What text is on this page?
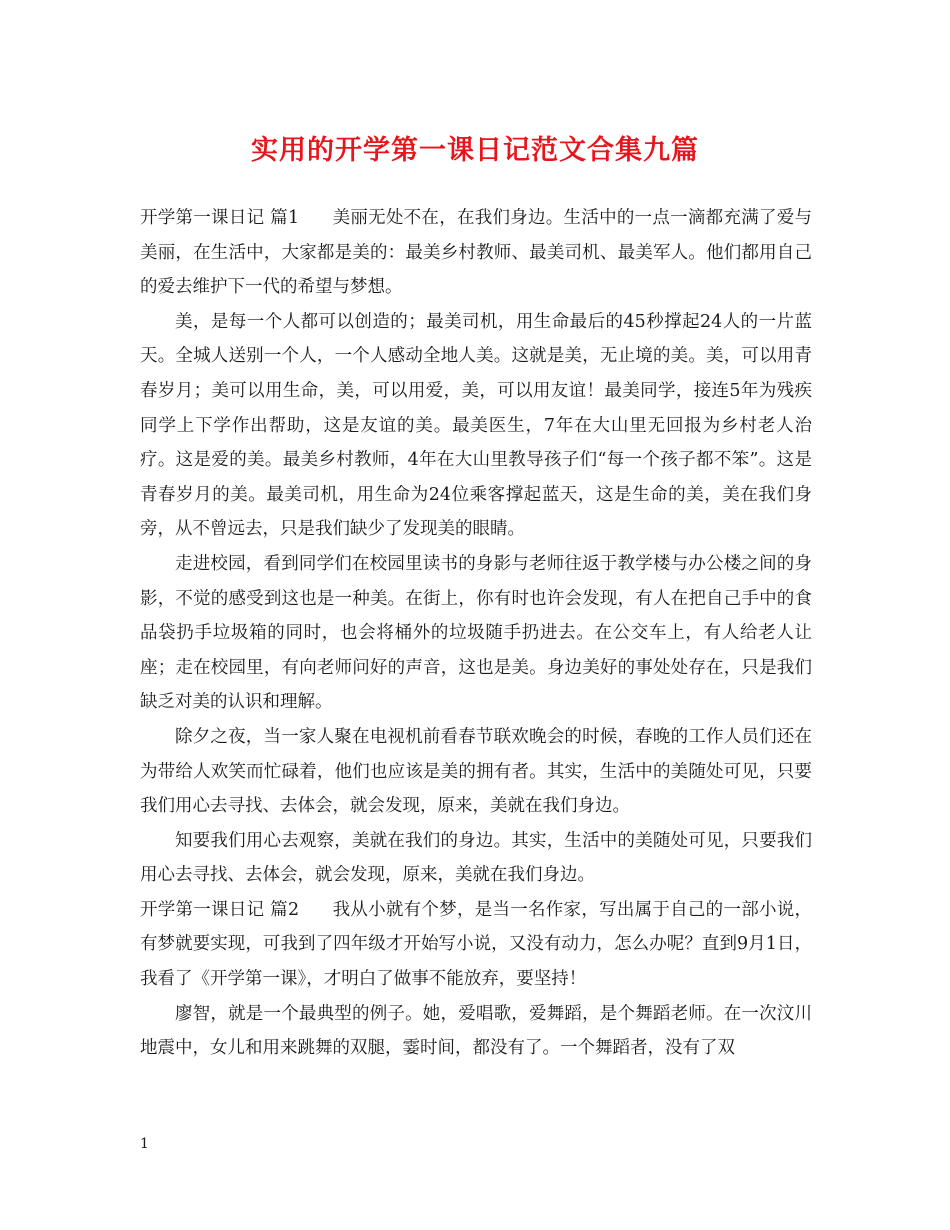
实用的开学第一课日记范文合集九篇

开学第一课日记 篇1 美丽无处不在，在我们身边。生活中的一点一滴都充满了爱与美丽，在生活中，大家都是美的：最美乡村教师、最美司机、最美军人。他们都用自己的爱去维护下一代的希望与梦想。

美，是每一个人都可以创造的；最美司机，用生命最后的45秒撑起24人的一片蓝天。全城人送别一个人，一个人感动全地人美。这就是美，无止境的美。美，可以用青春岁月；美可以用生命，美，可以用爱，美，可以用友谊！最美同学，接连5年为残疾同学上下学作出帮助，这是友谊的美。最美医生，7年在大山里无回报为乡村老人治疗。这是爱的美。最美乡村教师，4年在大山里教导孩子们“每一个孩子都不笨”。这是青春岁月的美。最美司机，用生命为24位乘客撑起蓝天，这是生命的美，美在我们身旁，从不曾远去，只是我们缺少了发现美的眼睛。

走进校园，看到同学们在校园里读书的身影与老师往返于教学楼与办公楼之间的身影，不觉的感受到这也是一种美。在街上，你有时也许会发现，有人在把自己手中的食品袋扔手垃圾箱的同时，也会将桶外的垃圾随手扔进去。在公交车上，有人给老人让座；走在校园里，有向老师问好的声音，这也是美。身边美好的事处处存在，只是我们缺乏对美的认识和理解。

除夕之夜，当一家人聚在电视机前看春节联欢晚会的时候，春晚的工作人员们还在为带给人欢笑而忙碌着，他们也应该是美的拥有者。其实，生活中的美随处可见，只要我们用心去寻找、去体会，就会发现，原来，美就在我们身边。

知要我们用心去观察，美就在我们的身边。其实，生活中的美随处可见，只要我们用心去寻找、去体会，就会发现，原来，美就在我们身边。

开学第一课日记 篇2 我从小就有个梦，是当一名作家，写出属于自己的一部小说，有梦就要实现，可我到了四年级才开始写小说，又没有动力，怎么办呢？直到9月1日，我看了《开学第一课》，才明白了做事不能放弃，要坚持！

廖智，就是一个最典型的例子。她，爱唱歌，爱舞蹈，是个舞蹈老师。在一次汶川地震中，女儿和用来跳舞的双腿，霎时间，都没有了。一个舞蹈者，没有了双

1
